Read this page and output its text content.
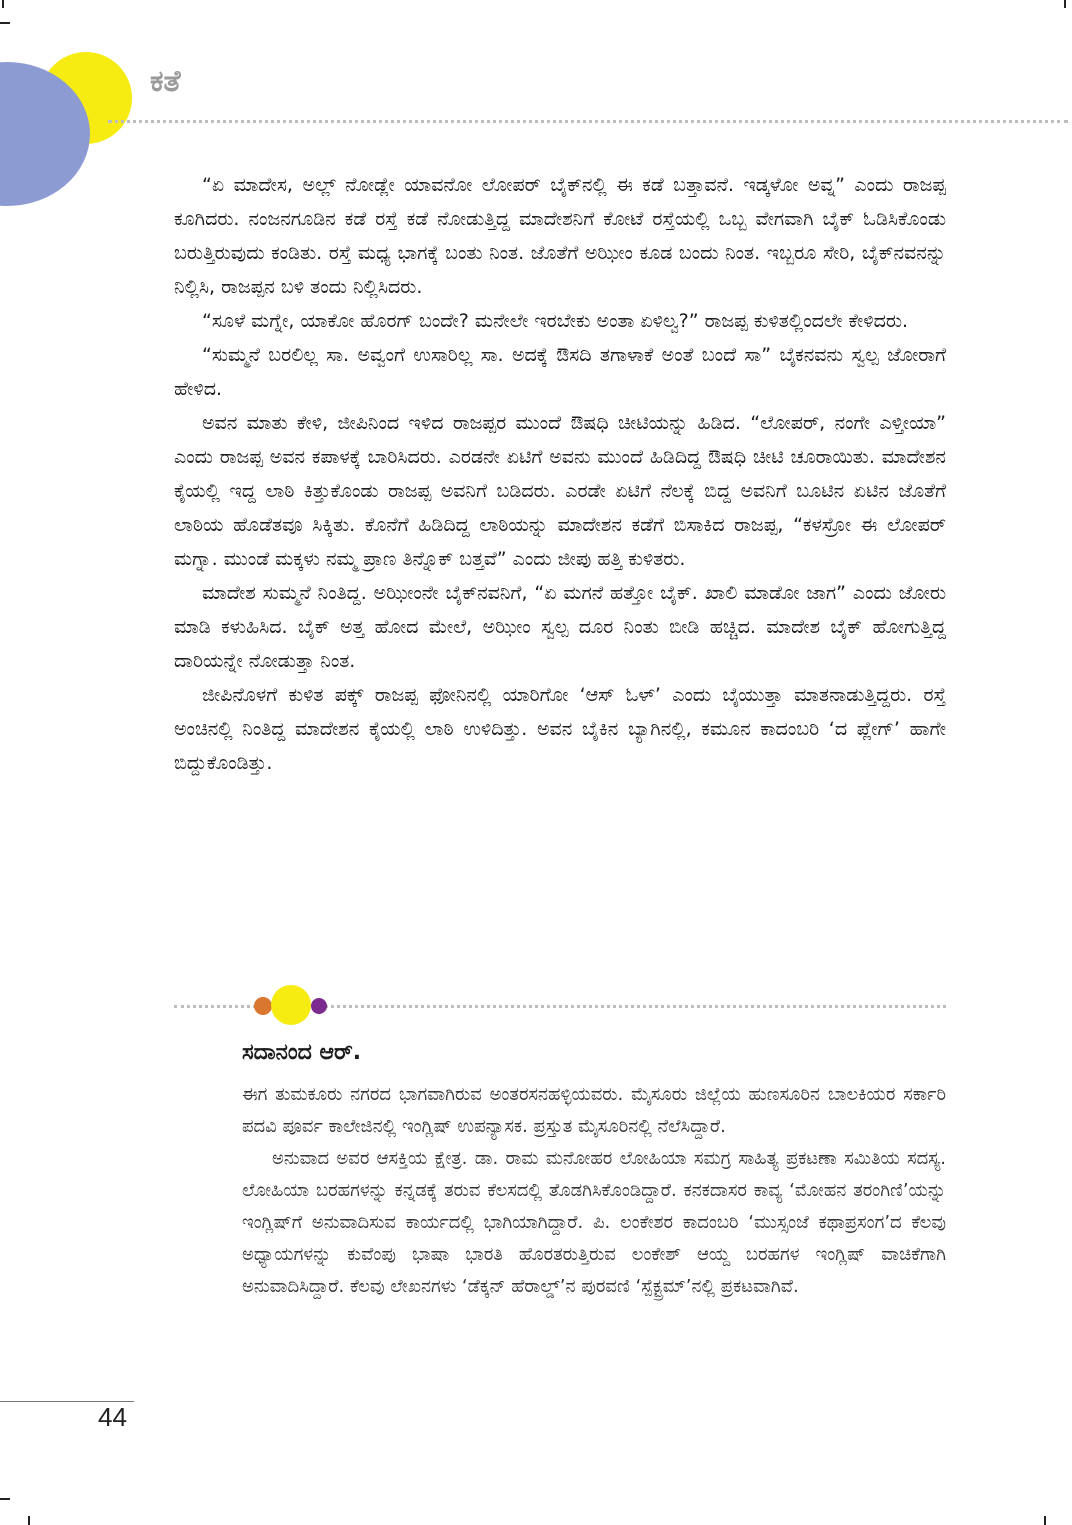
ಕತೆ

“ಏ ಮಾದೇಸ, ಅಲ್ಲ್ ನೋಡ್ಲೇ ಯಾವನೋ ಲೋಪರ್ ಬೈಕ್‌ನಲ್ಲಿ ಈ ಕಡೆ ಬತ್ತಾವನೆ. ಇಡ್ಕಳೋ ಅವ್ನ” ಎಂದು ರಾಜಪ್ಪ ಕೂಗಿದರು. ನಂಜನಗೂಡಿನ ಕಡೆ ರಸ್ತೆ ಕಡೆ ನೋಡುತ್ತಿದ್ದ ಮಾದೇಶನಿಗೆ ಕೋಟೆ ರಸ್ತೆಯಲ್ಲಿ ಒಬ್ಬ ವೇಗವಾಗಿ ಬೈಕ್ ಓಡಿಸಿಕೊಂಡು ಬರುತ್ತಿರುವುದು ಕಂಡಿತು. ರಸ್ತೆ ಮಧ್ಯ ಭಾಗಕ್ಕೆ ಬಂತು ನಿಂತ. ಜೊತೆಗೆ ಅಝೀಂ ಕೂಡ ಬಂದು ನಿಂತ. ಇಬ್ಬರೂ ಸೇರಿ, ಬೈಕ್‌ನವನನ್ನು ನಿಲ್ಲಿಸಿ, ರಾಜಪ್ಪನ ಬಳಿ ತಂದು ನಿಲ್ಲಿಸಿದರು.

“ಸೂಳೆ ಮಗ್ನೇ, ಯಾಕೋ ಹೊರಗ್ ಬಂದೇ? ಮನೇಲೇ ಇರಬೇಕು ಅಂತಾ ಏಳಿಲ್ವ?” ರಾಜಪ್ಪ ಕುಳಿತಲ್ಲಿಂದಲೇ ಕೇಳಿದರು.

“ಸುಮ್ಮನೆ ಬರಲಿಲ್ಲ ಸಾ. ಅವ್ವಂಗೆ ಉಸಾರಿಲ್ಲ ಸಾ. ಅದಕ್ಕೆ ಔಸದಿ ತಗಾಳಾಕೆ ಅಂತೆ ಬಂದೆ ಸಾ” ಬೈಕನವನು ಸ್ವಲ್ಪ ಜೋರಾಗೆ ಹೇಳಿದ.

ಅವನ ಮಾತು ಕೇಳಿ, ಜೀಪಿನಿಂದ ಇಳಿದ ರಾಜಪ್ಪರ ಮುಂದೆ ಔಷಧಿ ಚೀಟಿಯನ್ನು ಹಿಡಿದ. “ಲೋಪರ್, ನಂಗೇ ಎಳ್ತೀಯಾ” ಎಂದು ರಾಜಪ್ಪ ಅವನ ಕಪಾಳಕ್ಕೆ ಬಾರಿಸಿದರು. ಎರಡನೇ ಏಟಿಗೆ ಅವನು ಮುಂದೆ ಹಿಡಿದಿದ್ದ ಔಷಧಿ ಚೀಟಿ ಚೂರಾಯಿತು. ಮಾದೇಶನ ಕೈಯಲ್ಲಿ ಇದ್ದ ಲಾಠಿ ಕಿತ್ತುಕೊಂಡು ರಾಜಪ್ಪ ಅವನಿಗೆ ಬಡಿದರು. ಎರಡೇ ಏಟಿಗೆ ನೆಲಕ್ಕೆ ಬಿದ್ದ ಅವನಿಗೆ ಬೂಟಿನ ಏಟಿನ ಜೊತೆಗೆ ಲಾಠಿಯ ಹೊಡೆತವೂ ಸಿಕ್ಕಿತು. ಕೊನೆಗೆ ಹಿಡಿದಿದ್ದ ಲಾಠಿಯನ್ನು ಮಾದೇಶನ ಕಡೆಗೆ ಬಿಸಾಕಿದ ರಾಜಪ್ಪ, “ಕಳಸ್ರೋ ಈ ಲೋಪರ್ ಮಗ್ನಾ. ಮುಂಡೆ ಮಕ್ಕಳು ನಮ್ಮ ಪ್ರಾಣ ತಿನ್ನೊಕ್ ಬತ್ತವೆ” ಎಂದು ಜೀಪು ಹತ್ತಿ ಕುಳಿತರು.

ಮಾದೇಶ ಸುಮ್ಮನೆ ನಿಂತಿದ್ದ. ಅಝೀಂನೇ ಬೈಕ್‌ನವನಿಗೆ, “ಏ ಮಗನೆ ಹತ್ತೋ ಬೈಕ್. ಖಾಲಿ ಮಾಡೋ ಜಾಗ” ಎಂದು ಜೋರು ಮಾಡಿ ಕಳುಹಿಸಿದ. ಬೈಕ್ ಅತ್ತ ಹೋದ ಮೇಲೆ, ಅಝೀಂ ಸ್ವಲ್ಪ ದೂರ ನಿಂತು ಬೀಡಿ ಹಚ್ಚಿದ. ಮಾದೇಶ ಬೈಕ್ ಹೋಗುತ್ತಿದ್ದ ದಾರಿಯನ್ನೇ ನೋಡುತ್ತಾ ನಿಂತ.

ಜೀಪಿನೊಳಗೆ ಕುಳಿತ ಪಕ್ಕ್ ರಾಜಪ್ಪ ಫೋನಿನಲ್ಲಿ ಯಾರಿಗೋ ‘ಆಸ್ ಓಳ್’ ಎಂದು ಬೈಯುತ್ತಾ ಮಾತನಾಡುತ್ತಿದ್ದರು. ರಸ್ತೆ ಅಂಚಿನಲ್ಲಿ ನಿಂತಿದ್ದ ಮಾದೇಶನ ಕೈಯಲ್ಲಿ ಲಾಠಿ ಉಳಿದಿತ್ತು. ಅವನ ಬೈಕಿನ ಬ್ಯಾಗಿನಲ್ಲಿ, ಕಮೂನ ಕಾದಂಬರಿ ‘ದ ಪ್ಲೇಗ್’ ಹಾಗೇ ಬಿದ್ದುಕೊಂಡಿತ್ತು.

ಸದಾನಂದ ಆರ್.

ಈಗ ತುಮಕೂರು ನಗರದ ಭಾಗವಾಗಿರುವ ಅಂತರಸನಹಳ್ಳಿಯವರು. ಮೈಸೂರು ಜಿಲ್ಲೆಯ ಹುಣಸೂರಿನ ಬಾಲಕಿಯರ ಸರ್ಕಾರಿ ಪದವಿ ಪೂರ್ವ ಕಾಲೇಜಿನಲ್ಲಿ ಇಂಗ್ಲಿಷ್ ಉಪನ್ಯಾಸಕ. ಪ್ರಸ್ತುತ ಮೈಸೂರಿನಲ್ಲಿ ನೆಲೆಸಿದ್ದಾರೆ.

ಅನುವಾದ ಅವರ ಆಸಕ್ತಿಯ ಕ್ಷೇತ್ರ. ಡಾ. ರಾಮ ಮನೋಹರ ಲೋಹಿಯಾ ಸಮಗ್ರ ಸಾಹಿತ್ಯ ಪ್ರಕಟಣಾ ಸಮಿತಿಯ ಸದಸ್ಯ. ಲೋಹಿಯಾ ಬರಹಗಳನ್ನು ಕನ್ನಡಕ್ಕೆ ತರುವ ಕೆಲಸದಲ್ಲಿ ತೊಡಗಿಸಿಕೊಂಡಿದ್ದಾರೆ. ಕನಕದಾಸರ ಕಾವ್ಯ ‘ಮೋಹನ ತರಂಗಿಣಿ’ಯನ್ನು ಇಂಗ್ಲಿಷ್‌ಗೆ ಅನುವಾದಿಸುವ ಕಾರ್ಯದಲ್ಲಿ ಭಾಗಿಯಾಗಿದ್ದಾರೆ. ಪಿ. ಲಂಕೇಶರ ಕಾದಂಬರಿ ‘ಮುಸ್ಸಂಜೆ ಕಥಾಪ್ರಸಂಗ’ದ ಕೆಲವು ಅಧ್ಯಾಯಗಳನ್ನು ಕುವೆಂಪು ಭಾಷಾ ಭಾರತಿ ಹೊರತರುತ್ತಿರುವ ಲಂಕೇಶ್ ಆಯ್ದ ಬರಹಗಳ ಇಂಗ್ಲಿಷ್ ವಾಚಿಕೆಗಾಗಿ ಅನುವಾದಿಸಿದ್ದಾರೆ. ಕೆಲವು ಲೇಖನಗಳು ‘ಡೆಕ್ಕನ್ ಹೆರಾಲ್ಡ್’ನ ಪುರವಣಿ ‘ಸ್ಪೆಕ್ಟ್ರಮ್’ನಲ್ಲಿ ಪ್ರಕಟವಾಗಿವೆ.

44
